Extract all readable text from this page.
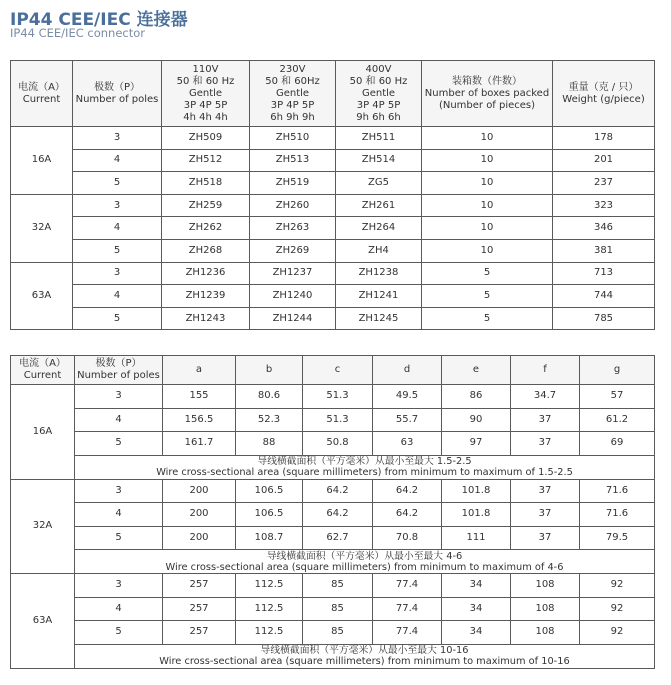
IP44 CEE/IEC 连接器
IP44 CEE/IEC connector
电流（A）
Current	极数（P）
Number of poles	110V
50 和 60 Hz
Gentle
3P 4P 5P
4h 4h 4h	230V
50 和 60Hz
Gentle
3P 4P 5P
6h 9h 9h	400V
50 和 60 Hz
Gentle
3P 4P 5P
9h 6h 6h	装箱数（件数）
Number of boxes packed
(Number of pieces)	重量（克 / 只）
Weight (g/piece)

16A	3	ZH509	ZH510	ZH511	10	178
	4	ZH512	ZH513	ZH514	10	201
	5	ZH518	ZH519	ZG5	10	237
32A	3	ZH259	ZH260	ZH261	10	323
	4	ZH262	ZH263	ZH264	10	346
	5	ZH268	ZH269	ZH4	10	381
63A	3	ZH1236	ZH1237	ZH1238	5	713
	4	ZH1239	ZH1240	ZH1241	5	744
	5	ZH1243	ZH1244	ZH1245	5	785
电流（A）
Current	极数（P）
Number of poles	a	b	c	d	e	f	g
16A	3	155	80.6	51.3	49.5	86	34.7	57
	4	156.5	52.3	51.3	55.7	90	37	61.2
	5	161.7	88	50.8	63	97	37	69

	导线横截面积（平方毫米）从最小至最大 1.5-2.5
Wire cross-sectional area (square millimeters) from minimum to maximum of 1.5-2.5							

32A	3	200	106.5	64.2	64.2	101.8	37	71.6
	4	200	106.5	64.2	64.2	101.8	37	71.6
	5	200	108.7	62.7	70.8	111	37	79.5

	导线横截面积（平方毫米）从最小至最大 4-6
Wire cross-sectional area (square millimeters) from minimum to maximum of 4-6							

63A	3	257	112.5	85	77.4	34	108	92
	4	257	112.5	85	77.4	34	108	92
	5	257	112.5	85	77.4	34	108	92

	导线横截面积（平方毫米）从最小至最大 10-16
Wire cross-sectional area (square millimeters) from minimum to maximum of 10-16							
